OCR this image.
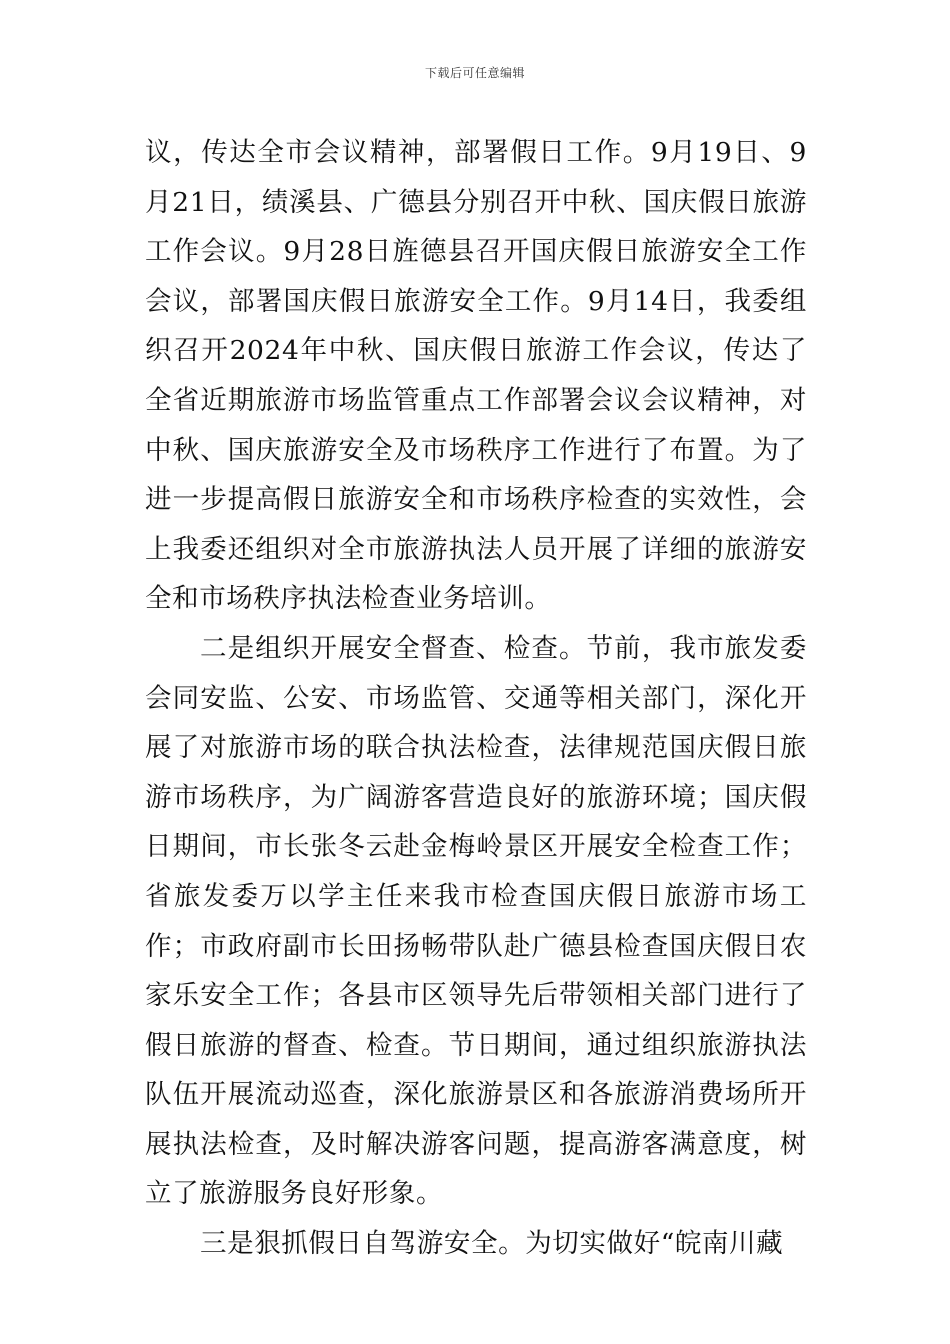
下载后可任意编辑

议，传达全市会议精神，部署假日工作。9月19日、9月21日，绩溪县、广德县分别召开中秋、国庆假日旅游工作会议。9月28日旌德县召开国庆假日旅游安全工作会议，部署国庆假日旅游安全工作。9月14日，我委组织召开2024年中秋、国庆假日旅游工作会议，传达了全省近期旅游市场监管重点工作部署会议会议精神，对中秋、国庆旅游安全及市场秩序工作进行了布置。为了进一步提高假日旅游安全和市场秩序检查的实效性，会上我委还组织对全市旅游执法人员开展了详细的旅游安全和市场秩序执法检查业务培训。

二是组织开展安全督查、检查。节前，我市旅发委会同安监、公安、市场监管、交通等相关部门，深化开展了对旅游市场的联合执法检查，法律规范国庆假日旅游市场秩序，为广阔游客营造良好的旅游环境；国庆假日期间，市长张冬云赴金梅岭景区开展安全检查工作；省旅发委万以学主任来我市检查国庆假日旅游市场工作；市政府副市长田扬畅带队赴广德县检查国庆假日农家乐安全工作；各县市区领导先后带领相关部门进行了假日旅游的督查、检查。节日期间，通过组织旅游执法队伍开展流动巡查，深化旅游景区和各旅游消费场所开展执法检查，及时解决游客问题，提高游客满意度，树立了旅游服务良好形象。

三是狠抓假日自驾游安全。为切实做好“皖南川藏
